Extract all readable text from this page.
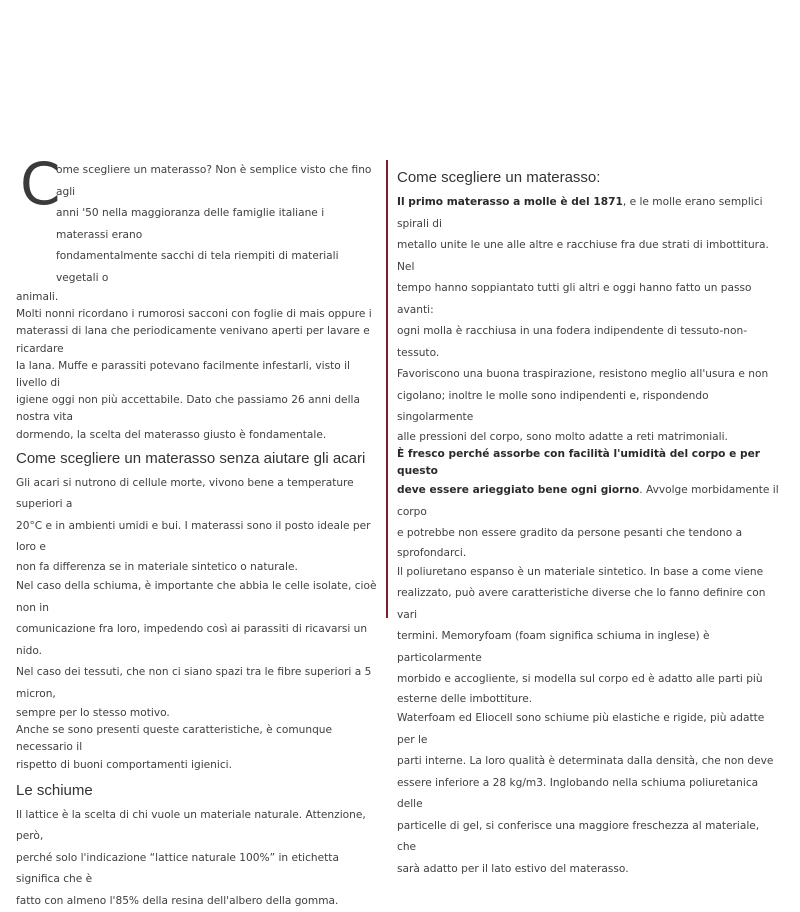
C
ome scegliere un materasso? Non è semplice visto che fino agli
anni '50 nella maggioranza delle famiglie italiane i materassi erano
fondamentalmente sacchi di tela riempiti di materiali vegetali o
animali.
Molti nonni ricordano i rumorosi sacconi con foglie di mais oppure i
materassi di lana che periodicamente venivano aperti per lavare e ricardare
la lana. Muffe e parassiti potevano facilmente infestarli, visto il livello di
igiene oggi non più accettabile. Dato che passiamo 26 anni della nostra vita
dormendo, la scelta del materasso giusto è fondamentale.
Come scegliere un materasso senza aiutare gli acari
Gli acari si nutrono di cellule morte, vivono bene a temperature superiori a
20°C e in ambienti umidi e bui. I materassi sono il posto ideale per loro e
non fa differenza se in materiale sintetico o naturale.
Nel caso della schiuma, è importante che abbia le celle isolate, cioè non in
comunicazione fra loro, impedendo così ai parassiti di ricavarsi un nido.
Nel caso dei tessuti, che non ci siano spazi tra le fibre superiori a 5 micron,
sempre per lo stesso motivo.
Anche se sono presenti queste caratteristiche, è comunque necessario il
rispetto di buoni comportamenti igienici.
Le schiume
Il lattice è la scelta di chi vuole un materiale naturale. Attenzione, però,
perché solo l'indicazione “lattice naturale 100%” in etichetta significa che è
fatto con almeno l'85% della resina dell'albero della gomma.
Come scegliere un materasso:
Il primo materasso a molle è del 1871, e le molle erano semplici spirali di
metallo unite le une alle altre e racchiuse fra due strati di imbottitura. Nel
tempo hanno soppiantato tutti gli altri e oggi hanno fatto un passo avanti:
ogni molla è racchiusa in una fodera indipendente di tessuto-non-tessuto.
Favoriscono una buona traspirazione, resistono meglio all'usura e non
cigolano; inoltre le molle sono indipendenti e, rispondendo singolarmente
alle pressioni del corpo, sono molto adatte a reti matrimoniali.
È fresco perché assorbe con facilità l'umidità del corpo e per questo
deve essere arieggiato bene ogni giorno. Avvolge morbidamente il corpo
e potrebbe non essere gradito da persone pesanti che tendono a
sprofondarci.
Il poliuretano espanso è un materiale sintetico. In base a come viene
realizzato, può avere caratteristiche diverse che lo fanno definire con vari
termini. Memoryfoam (foam significa schiuma in inglese) è particolarmente
morbido e accogliente, si modella sul corpo ed è adatto alle parti più
esterne delle imbottiture.
Waterfoam ed Eliocell sono schiume più elastiche e rigide, più adatte per le
parti interne. La loro qualità è determinata dalla densità, che non deve
essere inferiore a 28 kg/m3. Inglobando nella schiuma poliuretanica delle
particelle di gel, si conferisce una maggiore freschezza al materiale, che
sarà adatto per il lato estivo del materasso.
